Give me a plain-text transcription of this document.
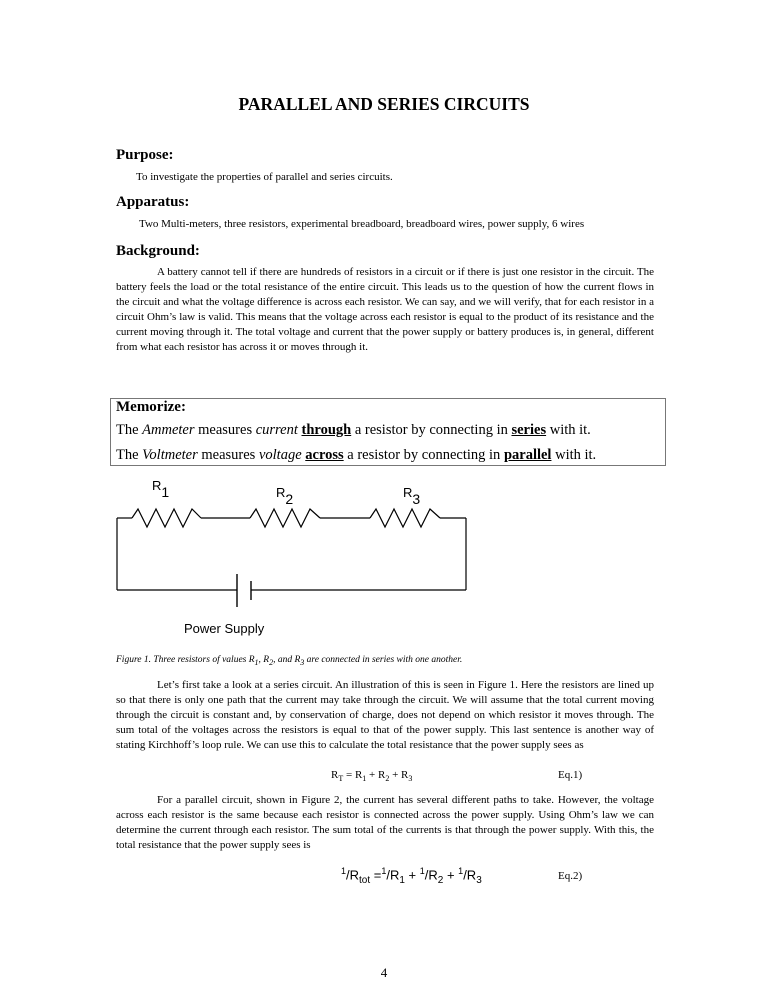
PARALLEL AND SERIES CIRCUITS
Purpose:
To investigate the properties of parallel and series circuits.
Apparatus:
Two Multi-meters, three resistors, experimental breadboard, breadboard wires, power supply, 6 wires
Background:
A battery cannot tell if there are hundreds of resistors in a circuit or if there is just one resistor in the circuit. The battery feels the load or the total resistance of the entire circuit. This leads us to the question of how the current flows in the circuit and what the voltage difference is across each resistor. We can say, and we will verify, that for each resistor in a circuit Ohm’s law is valid. This means that the voltage across each resistor is equal to the product of its resistance and the current moving through it. The total voltage and current that the power supply or battery produces is, in general, different from what each resistor has across it or moves through it.
Memorize:
The Ammeter measures current through a resistor by connecting in series with it.
The Voltmeter measures voltage across a resistor by connecting in parallel with it.
R1	R2	R3
Power Supply
Figure 1. Three resistors of values $R_1$, $R_2$, and $R_3$ are connected in series with one another.
Let’s first take a look at a series circuit. An illustration of this is seen in Figure 1. Here the resistors are lined up so that there is only one path that the current may take through the circuit. We will assume that the total current moving through the circuit is constant and, by conservation of charge, does not depend on which resistor it moves through. The sum total of the voltages across the resistors is equal to that of the power supply. This last sentence is another way of stating Kirchhoff’s loop rule. We can use this to calculate the total resistance that the power supply sees as
$R_T = R_1 + R_2 + R_3$	Eq.1)
For a parallel circuit, shown in Figure 2, the current has several different paths to take. However, the voltage across each resistor is the same because each resistor is connected across the power supply. Using Ohm’s law we can determine the current through each resistor. The sum total of the currents is that through the power supply. With this, the total resistance that the power supply sees is
$^1/R_{tot} =^1/R_1 + ^1/R_2 + ^1/R_3$	Eq.2)
4
